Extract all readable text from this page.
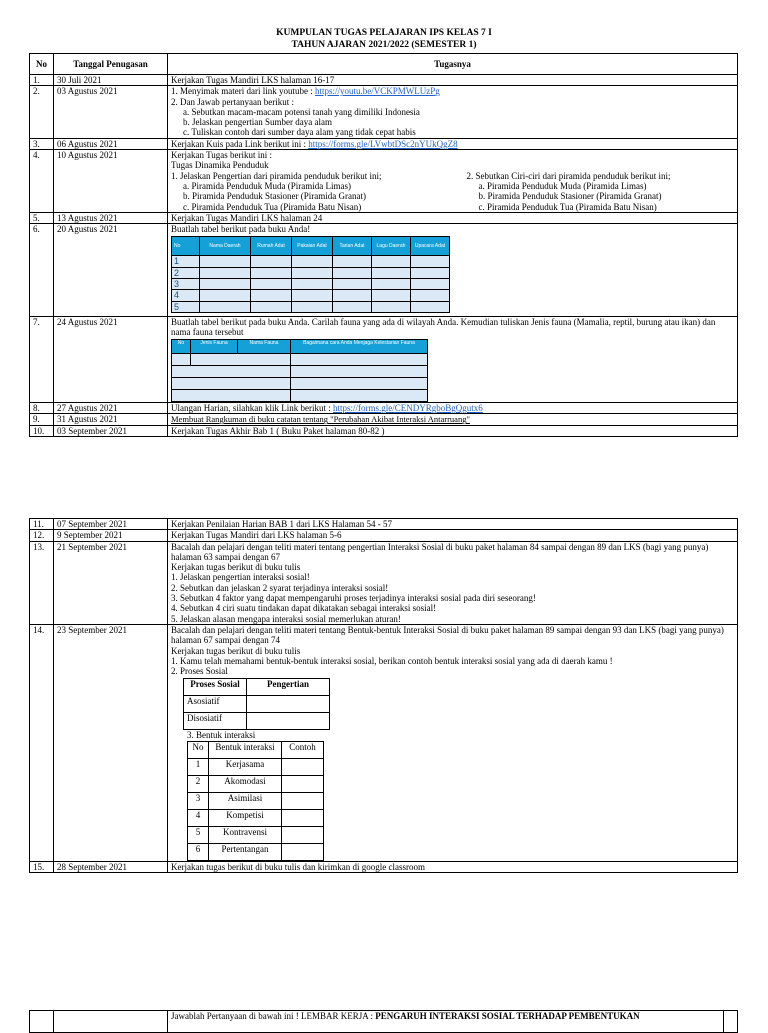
KUMPULAN TUGAS PELAJARAN IPS KELAS 7 I
TAHUN AJARAN 2021/2022 (SEMESTER 1)
No	Tanggal Penugasan	Tugasnya
1.	30 Juli 2021	Kerjakan Tugas Mandiri LKS halaman 16-17
2.	03 Agustus 2021	1. Menyimak materi dari link youtube : https://youtu.be/VCKPMWLUzPg
2. Dan Jawab pertanyaan berikut :
a. Sebutkan macam-macam potensi tanah yang dimiliki Indonesia
b. Jelaskan pengertian Sumber daya alam
c. Tuliskan contoh dari sumber daya alam yang tidak cepat habis

3.	06 Agustus 2021	Kerjakan Kuis pada Link berikut ini : https://forms.gle/LVwbtDSc2nYUkQgZ8
4.	10 Agustus 2021	Kerjakan Tugas berikut ini :
Tugas Dinamika Penduduk
1. Jelaskan Pengertian dari piramida penduduk berikut ini;
a. Piramida Penduduk Muda (Piramida Limas)
b. Piramida Penduduk Stasioner (Piramida Granat)
c. Piramida Penduduk Tua (Piramida Batu Nisan)
2. Sebutkan Ciri-ciri dari piramida penduduk berikut ini;
a. Piramida Penduduk Muda (Piramida Limas)
b. Piramida Penduduk Stasioner (Piramida Granat)
c. Piramida Penduduk Tua (Piramida Batu Nisan)

5.	13 Agustus 2021	Kerjakan Tugas Mandiri LKS halaman 24
6.	20 Agustus 2021	Buatlah tabel berikut pada buku Anda!
No	Nama Daerah	Rumah Adat	Pakaian Adat	Tarian Adat	Lagu Daerah	Upacara Adat
1						
2						
3						
4						
5						

7.	24 Agustus 2021	Buatlah tabel berikut pada buku Anda. Carilah fauna yang ada di wilayah Anda. Kemudian tuliskan Jenis fauna (Mamalia, reptil, burung atau ikan) dan nama fauna tersebut
No	Jenis Fauna	Nama Fauna	Bagaimana cara Anda Menjaga Kelestarian Fauna

8.	27 Agustus 2021	Ulangan Harian, silahkan klik Link berikut : https://forms.gle/CENDYRgboBgQgutx6
9.	31 Agustus 2021	Membuat Rangkuman di buku catatan tentang "Perubahan Akibat Interaksi Antarruang"
10.	03 September 2021	Kerjakan Tugas Akhir Bab 1 ( Buku Paket halaman 80-82 )
11.	07 September 2021	Kerjakan Penilaian Harian BAB 1 dari LKS Halaman 54 - 57
12.	9 September 2021	Kerjakan Tugas Mandiri dari LKS halaman 5-6
13.	21 September 2021	Bacalah dan pelajari dengan teliti materi tentang pengertian Interaksi Sosial di buku paket halaman 84 sampai dengan 89 dan LKS (bagi yang punya) halaman 63 sampai dengan 67
Kerjakan tugas berikut di buku tulis
1. Jelaskan pengertian interaksi sosial!
2. Sebutkan dan jelaskan 2 syarat terjadinya interaksi sosial!
3. Sebutkan 4 faktor yang dapat mempengaruhi proses terjadinya interaksi sosial pada diri seseorang!
4. Sebutkan 4 ciri suatu tindakan dapat dikatakan sebagai interaksi sosial!
5. Jelaskan alasan mengapa interaksi sosial memerlukan aturan!

14.	23 September 2021	Bacalah dan pelajari dengan teliti materi tentang Bentuk-bentuk Interaksi Sosial di buku paket halaman 89 sampai dengan 93 dan LKS (bagi yang punya) halaman 67 sampai dengan 74
Kerjakan tugas berikut di buku tulis
1. Kamu telah memahami bentuk-bentuk interaksi sosial, berikan contoh bentuk interaksi sosial yang ada di daerah kamu !
2. Proses Sosial
Proses Sosial	Pengertian
Asosiatif	
Disosiatif	
3. Bentuk interaksi
No	Bentuk interaksi	Contoh
1	Kerjasama	
2	Akomodasi	
3	Asimilasi	
4	Kompetisi	
5	Kontravensi	
6	Pertentangan	

15.	28 September 2021	Kerjakan tugas berikut di buku tulis dan kirimkan di google classroom
		Jawablah Pertanyaan di bawah ini ! LEMBAR KERJA : PENGARUH INTERAKSI SOSIAL TERHADAP PEMBENTUKAN	
